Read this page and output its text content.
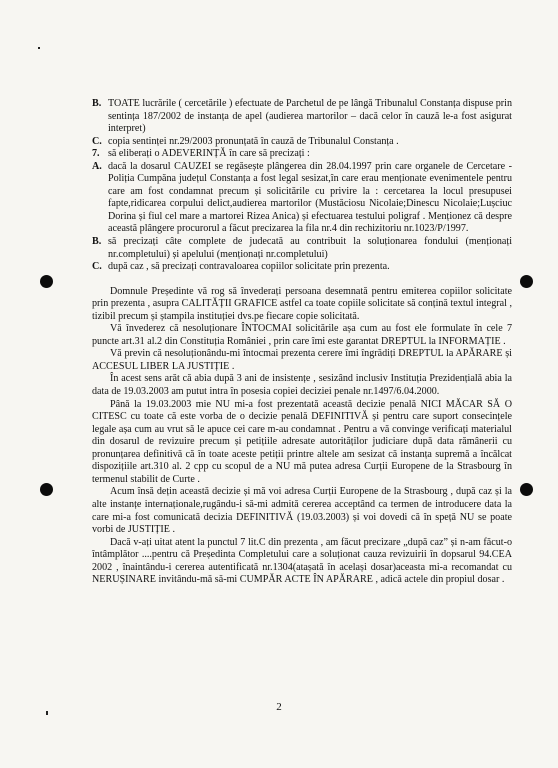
B. TOATE lucrările ( cercetările ) efectuate de Parchetul de pe lângă Tribunalul Constanța dispuse prin sentința 187/2002 de instanța de apel (audierea martorilor – dacă celor în cauză le-a fost asigurat interpret)
C. copia sentinței nr.29/2003 pronunțată în cauză de Tribunalul Constanța .
7. să eliberați o ADEVERINȚĂ în care să precizați :
A. dacă la dosarul CAUZEI se regăsește plângerea din 28.04.1997 prin care organele de Cercetare - Poliția Cumpăna județul Constanța a fost legal sesizat,în care erau menționate evenimentele pentru care am fost condamnat precum și solicitările cu privire la : cercetarea la locul presupusei fapte,ridicarea corpului delict,audierea martorilor (Mustăciosu Nicolaie;Dinescu Nicolaie;Lușciuc Dorina și fiul cel mare a martorei Rizea Anica) și efectuarea testului poligraf . Menționez că despre această plângere procurorul a făcut precizarea la fila nr.4 din rechizitoriu nr.1023/P/1997.
B. să precizați câte complete de judecată au contribuit la soluționarea fondului (menționați nr.completului) și apelului (menționați nr.completului)
C. după caz , să precizați contravaloarea copiilor solicitate prin prezenta.

Domnule Președinte vă rog să învederați persoana desemnată pentru emiterea copiilor solicitate prin prezenta , asupra CALITĂȚII GRAFICE astfel ca toate copiile solicitate să conțină textul integral , tizibil precum și ștampila instituției dvs.pe fiecare copie solicitată.

Vă învederez că nesoluționare ÎNTOCMAI solicitările așa cum au fost ele formulate în cele 7 puncte art.31 al.2 din Constituția României , prin care îmi este garantat DREPTUL la INFORMAȚIE .

Vă previn că nesoluționându-mi întocmai prezenta cerere îmi îngrădiți DREPTUL la APĂRARE și ACCESUL LIBER LA JUSTIȚIE .

În acest sens arăt că abia după 3 ani de insistențe , sesizând inclusiv Instituția Prezidențială abia la data de 19.03.2003 am putut intra în posesia copiei deciziei penale nr.1497/6.04.2000.

Până la 19.03.2003 mie NU mi-a fost prezentată această decizie penală NICI MĂCAR SĂ O CITESC cu toate că este vorba de o decizie penală DEFINITIVĂ și pentru care suport consecințele legale așa cum au vrut să le apuce cei care m-au condamnat . Pentru a vă convinge verificați materialul din dosarul de revizuire precum și petițiile adresate autorităților judiciare după data rămânerii cu pronunțarea definitivă că în toate aceste petiții printre altele am sesizat că instanța supremă a încălcat dispozițiile art.310 al. 2 cpp cu scopul de a NU mă putea adresa Curții Europene de la Strasbourg în termenul stabilit de Curte .

Acum însă dețin această decizie și mă voi adresa Curții Europene de la Strasbourg , după caz și la alte instanțe internaționale,rugându-i să-mi admită cererea acceptând ca termen de introducere data la care mi-a fost comunicată decizia DEFINITIVĂ (19.03.2003) și voi dovedi că în speță NU se poate vorbi de JUSTIȚIE .

Dacă v-ați uitat atent la punctul 7 lit.C din prezenta , am făcut precizare „după caz” și n-am făcut-o întâmplător ....pentru că Președinta Completului care a soluționat cauza revizuirii în dopsarul 94.CEA 2002 , înaintându-i cererea autentificată nr.1304(atașată în același dosar)aceasta mi-a recomandat cu NERUȘINARE invitându-mă să-mi CUMPĂR ACTE ÎN APĂRARE , adică actele din propiul dosar .

2
